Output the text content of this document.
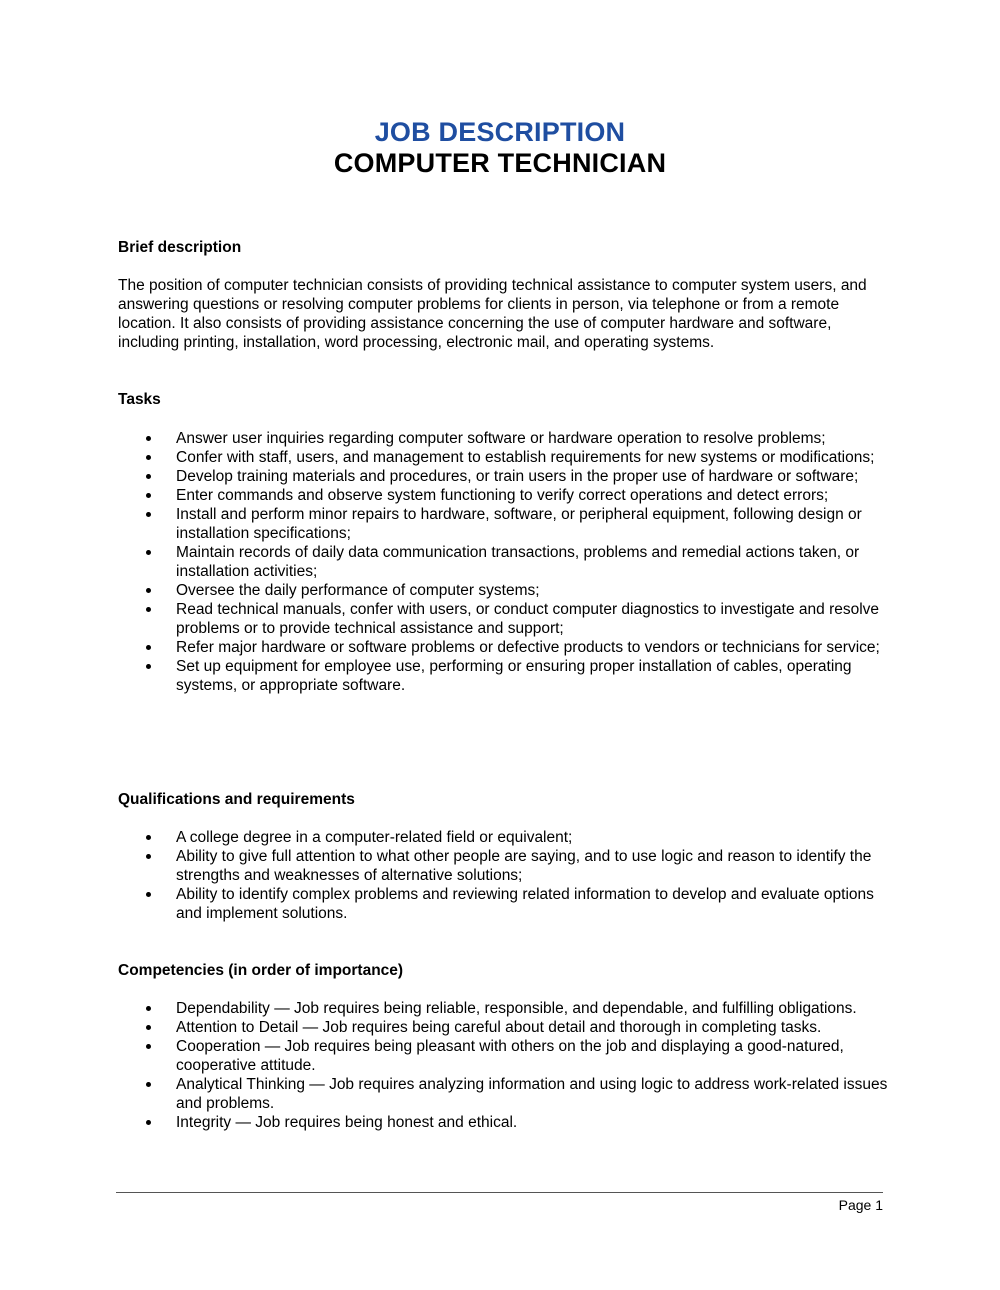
JOB DESCRIPTION
COMPUTER TECHNICIAN
Brief description

The position of computer technician consists of providing technical assistance to computer system users, and answering questions or resolving computer problems for clients in person, via telephone or from a remote location. It also consists of providing assistance concerning the use of computer hardware and software, including printing, installation, word processing, electronic mail, and operating systems.

Tasks
Answer user inquiries regarding computer software or hardware operation to resolve problems;
Confer with staff, users, and management to establish requirements for new systems or modifications;
Develop training materials and procedures, or train users in the proper use of hardware or software;
Enter commands and observe system functioning to verify correct operations and detect errors;
Install and perform minor repairs to hardware, software, or peripheral equipment, following design or installation specifications;
Maintain records of daily data communication transactions, problems and remedial actions taken, or installation activities;
Oversee the daily performance of computer systems;
Read technical manuals, confer with users, or conduct computer diagnostics to investigate and resolve problems or to provide technical assistance and support;
Refer major hardware or software problems or defective products to vendors or technicians for service;
Set up equipment for employee use, performing or ensuring proper installation of cables, operating systems, or appropriate software.
Qualifications and requirements
A college degree in a computer-related field or equivalent;
Ability to give full attention to what other people are saying, and to use logic and reason to identify the strengths and weaknesses of alternative solutions;
Ability to identify complex problems and reviewing related information to develop and evaluate options and implement solutions.
Competencies (in order of importance)
Dependability — Job requires being reliable, responsible, and dependable, and fulfilling obligations.
Attention to Detail — Job requires being careful about detail and thorough in completing tasks.
Cooperation — Job requires being pleasant with others on the job and displaying a good-natured, cooperative attitude.
Analytical Thinking — Job requires analyzing information and using logic to address work-related issues and problems.
Integrity — Job requires being honest and ethical.
Page 1
